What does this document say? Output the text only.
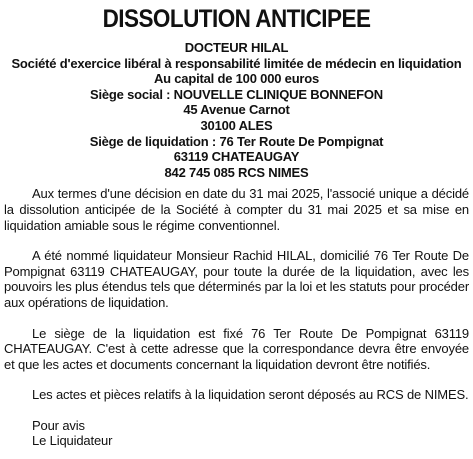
DISSOLUTION ANTICIPEE
DOCTEUR HILAL
Société d'exercice libéral à responsabilité limitée de médecin en liquidation
Au capital de 100 000 euros
Siège social : NOUVELLE CLINIQUE BONNEFON
45 Avenue Carnot
30100 ALES
Siège de liquidation : 76 Ter Route De Pompignat
63119 CHATEAUGAY
842 745 085 RCS NIMES

Aux termes d'une décision en date du 31 mai 2025, l'associé unique a décidé la dissolution anticipée de la Société à compter du 31 mai 2025 et sa mise en liquidation amiable sous le régime conventionnel.

A été nommé liquidateur Monsieur Rachid HILAL, domicilié 76 Ter Route De Pompignat 63119 CHATEAUGAY, pour toute la durée de la liquidation, avec les pouvoirs les plus étendus tels que déterminés par la loi et les statuts pour procéder aux opérations de liquidation.

Le siège de la liquidation est fixé 76 Ter Route De Pompignat 63119 CHATEAUGAY. C'est à cette adresse que la correspondance devra être envoyée et que les actes et documents concernant la liquidation devront être notifiés.

Les actes et pièces relatifs à la liquidation seront déposés au RCS de NIMES.

Pour avis

Le Liquidateur
